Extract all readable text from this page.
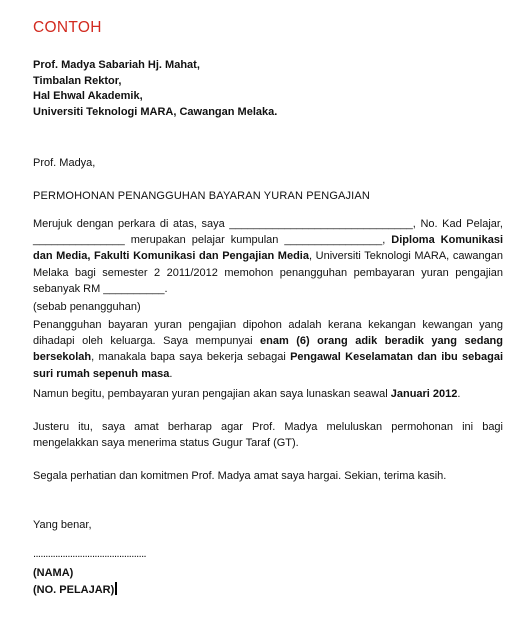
CONTOH
Prof. Madya Sabariah Hj. Mahat,
Timbalan Rektor,
Hal Ehwal Akademik,
Universiti Teknologi MARA, Cawangan Melaka.
Prof. Madya,
PERMOHONAN PENANGGUHAN BAYARAN YURAN PENGAJIAN
Merujuk dengan perkara di atas, saya ______________________________, No. Kad Pelajar, _______________ merupakan pelajar kumpulan ________________, Diploma Komunikasi dan Media, Fakulti Komunikasi dan Pengajian Media, Universiti Teknologi MARA, cawangan Melaka bagi semester 2 2011/2012 memohon penangguhan pembayaran yuran pengajian sebanyak RM __________.
(sebab penangguhan)
Penangguhan bayaran yuran pengajian dipohon adalah kerana kekangan kewangan yang dihadapi oleh keluarga. Saya mempunyai enam (6) orang adik beradik yang sedang bersekolah, manakala bapa saya bekerja sebagai Pengawal Keselamatan dan ibu sebagai suri rumah sepenuh masa.
Namun begitu, pembayaran yuran pengajian akan saya lunaskan seawal Januari 2012.
Justeru itu, saya amat berharap agar Prof. Madya meluluskan permohonan ini bagi mengelakkan saya menerima status Gugur Taraf (GT).
Segala perhatian dan komitmen Prof. Madya amat saya hargai. Sekian, terima kasih.
Yang benar,
..............................................
(NAMA)
(NO. PELAJAR)
